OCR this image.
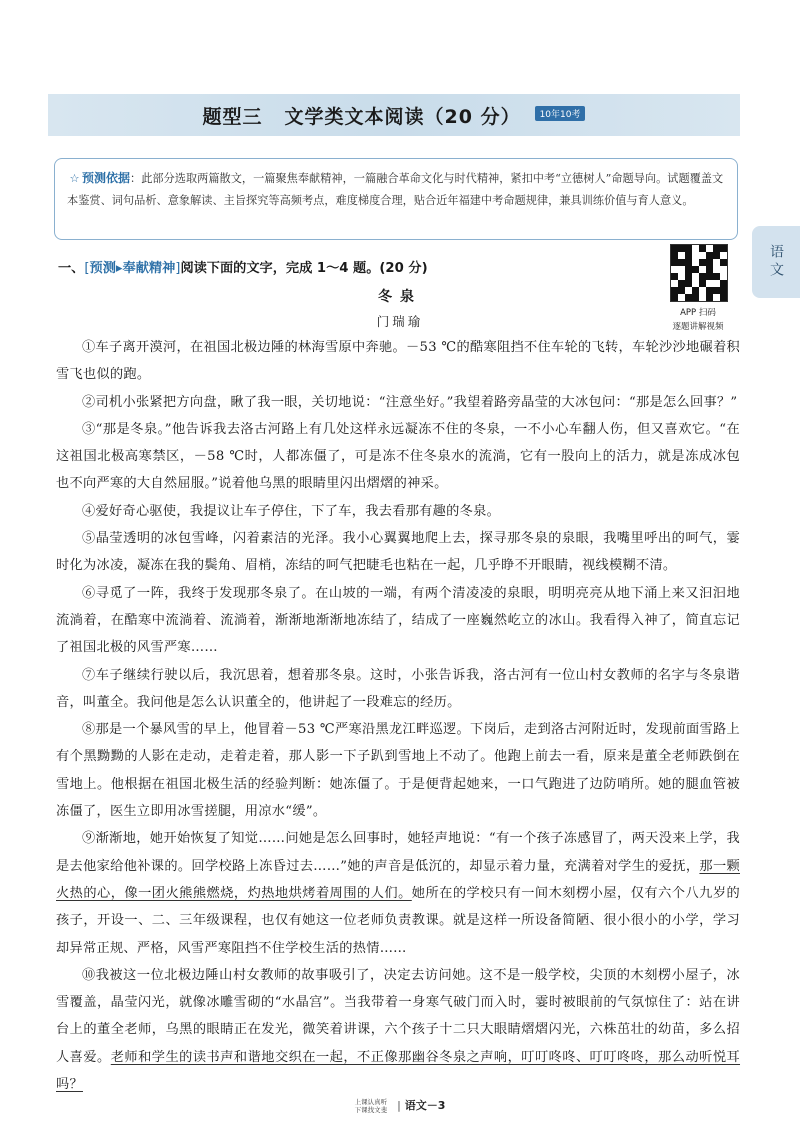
题型三 文学类文本阅读（20 分）	10年10考
☆ 预测依据：此部分选取两篇散文，一篇聚焦奉献精神，一篇融合革命文化与时代精神，紧扣中考“立德树人”命题导向。试题覆盖文本鉴赏、词句品析、意象解读、主旨探究等高频考点，难度梯度合理，贴合近年福建中考命题规律，兼具训练价值与育人意义。
语文
APP 扫码
逐题讲解视频
一、[预测▸奉献精神]阅读下面的文字，完成 1～4 题。(20 分)
冬泉
门瑞瑜

①车子离开漠河，在祖国北极边陲的林海雪原中奔驰。－53 ℃的酷寒阻挡不住车轮的飞转，车轮沙沙地碾着积雪飞也似的跑。

②司机小张紧把方向盘，瞅了我一眼，关切地说：“注意坐好。”我望着路旁晶莹的大冰包问：“那是怎么回事？”

③“那是冬泉。”他告诉我去洛古河路上有几处这样永远凝冻不住的冬泉，一不小心车翻人伤，但又喜欢它。“在这祖国北极高寒禁区，－58 ℃时，人都冻僵了，可是冻不住冬泉水的流淌，它有一股向上的活力，就是冻成冰包也不向严寒的大自然屈服。”说着他乌黑的眼睛里闪出熠熠的神采。

④爱好奇心驱使，我提议让车子停住，下了车，我去看那有趣的冬泉。

⑤晶莹透明的冰包雪峰，闪着素洁的光泽。我小心翼翼地爬上去，探寻那冬泉的泉眼，我嘴里呼出的呵气，霎时化为冰凌，凝冻在我的鬓角、眉梢，冻结的呵气把睫毛也粘在一起，几乎睁不开眼睛，视线模糊不清。

⑥寻觅了一阵，我终于发现那冬泉了。在山坡的一端，有两个清凌凌的泉眼，明明亮亮从地下涌上来又汩汩地流淌着，在酷寒中流淌着、流淌着，渐渐地渐渐地冻结了，结成了一座巍然屹立的冰山。我看得入神了，简直忘记了祖国北极的风雪严寒……

⑦车子继续行驶以后，我沉思着，想着那冬泉。这时，小张告诉我，洛古河有一位山村女教师的名字与冬泉谐音，叫董全。我问他是怎么认识董全的，他讲起了一段难忘的经历。

⑧那是一个暴风雪的早上，他冒着－53 ℃严寒沿黑龙江畔巡逻。下岗后，走到洛古河附近时，发现前面雪路上有个黑黝黝的人影在走动，走着走着，那人影一下子趴到雪地上不动了。他跑上前去一看，原来是董全老师跌倒在雪地上。他根据在祖国北极生活的经验判断：她冻僵了。于是便背起她来，一口气跑进了边防哨所。她的腿血管被冻僵了，医生立即用冰雪搓腿，用凉水“缓”。

⑨渐渐地，她开始恢复了知觉……问她是怎么回事时，她轻声地说：“有一个孩子冻感冒了，两天没来上学，我是去他家给他补课的。回学校路上冻昏过去……”她的声音是低沉的，却显示着力量，充满着对学生的爱抚，那一颗火热的心，像一团火熊熊燃烧，灼热地烘烤着周围的人们。她所在的学校只有一间木刻楞小屋，仅有六个八九岁的孩子，开设一、二、三年级课程，也仅有她这一位老师负责教课。就是这样一所设备简陋、很小很小的小学，学习却异常正规、严格，风雪严寒阻挡不住学校生活的热情……

⑩我被这一位北极边陲山村女教师的故事吸引了，决定去访问她。这不是一般学校，尖顶的木刻楞小屋子，冰雪覆盖，晶莹闪光，就像冰雕雪砌的“水晶宫”。当我带着一身寒气破门而入时，霎时被眼前的气氛惊住了：站在讲台上的董全老师，乌黑的眼睛正在发光，微笑着讲课，六个孩子十二只大眼睛熠熠闪光，六株茁壮的幼苗，多么招人喜爱。老师和学生的读书声和谐地交织在一起，不正像那幽谷冬泉之声响，叮叮咚咚、叮叮咚咚，那么动听悦耳吗？

上课认真听
下课找文斐 | 语文－3
